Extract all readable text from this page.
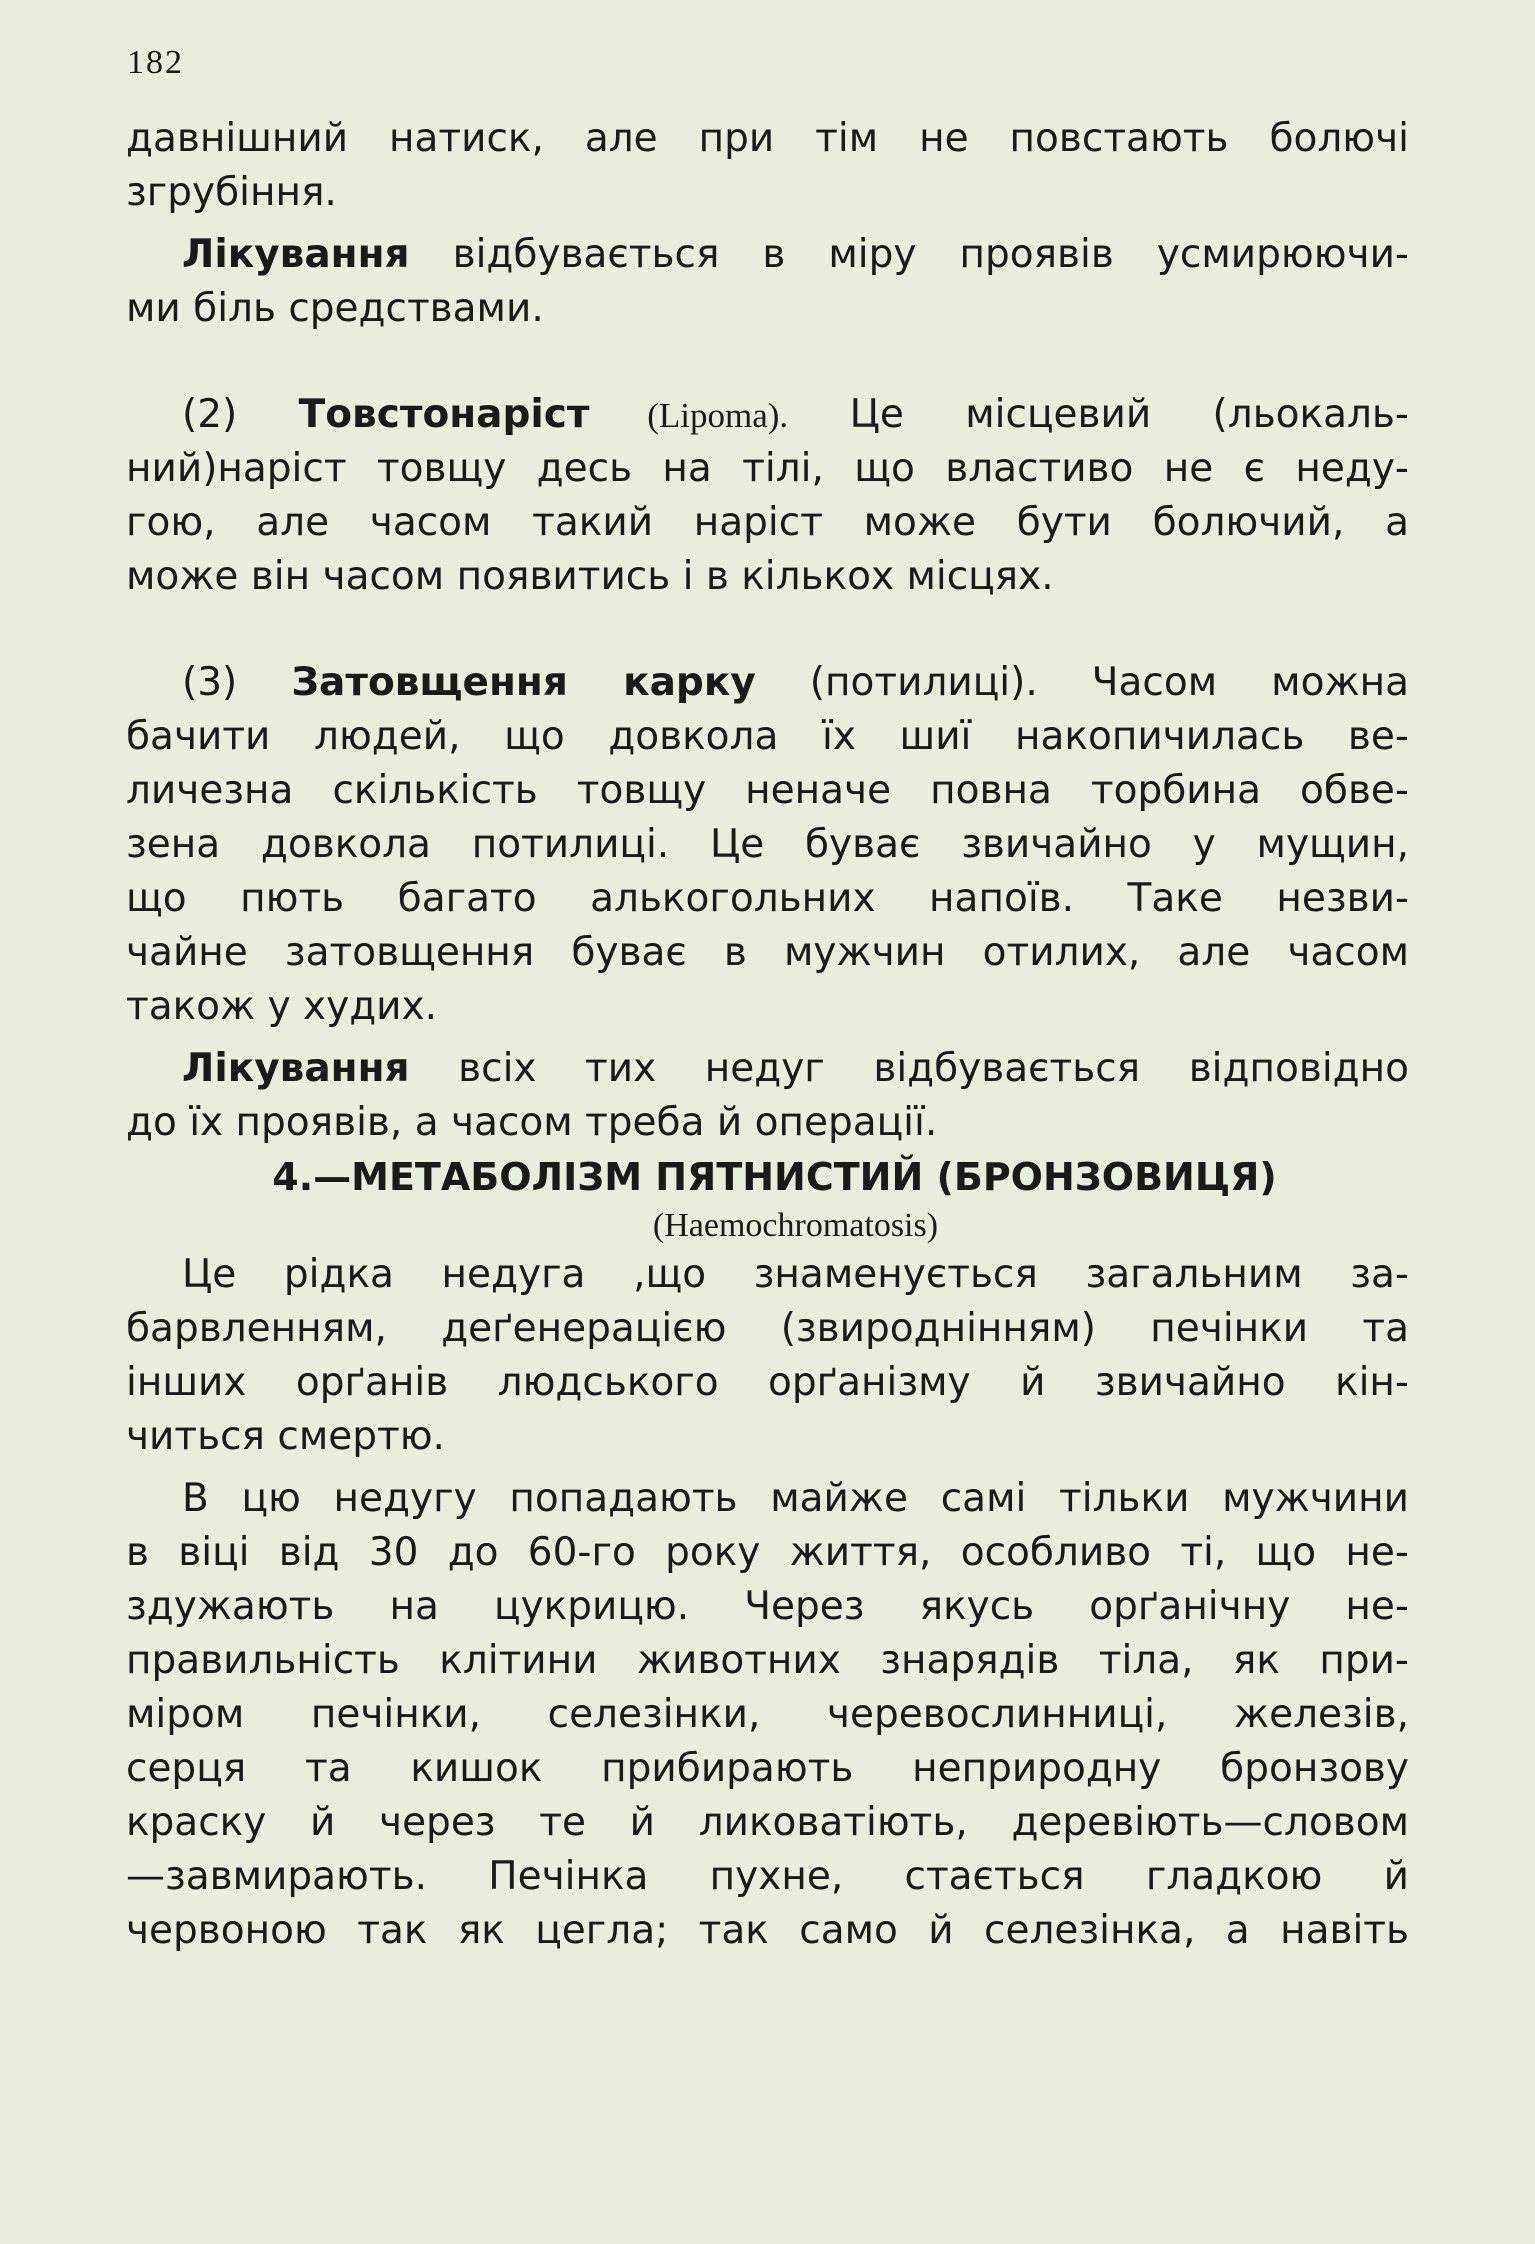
182

давнішний натиск, але при тім не повстають болючі

згрубіння.

Лікування відбувається в міру проявів усмирюючи-

ми біль средствами.

(2) Товстонаріст (Lipoma). Це місцевий (льокаль-

ний)наріст товщу десь на тілі, що властиво не є неду-

гою, але часом такий наріст може бути болючий, а

може він часом появитись і в кількох місцях.

(3) Затовщення карку (потилиці). Часом можна

бачити людей, що довкола їх шиї накопичилась ве-

личезна скількість товщу неначе повна торбина обве-

зена довкола потилиці. Це буває звичайно у мущин,

що пють багато алькогольних напоїв. Таке незви-

чайне затовщення буває в мужчин отилих, але часом

також у худих.

Лікування всіх тих недуг відбувається відповідно

до їх проявів, а часом треба й операції.

4.—МЕТАБОЛІЗМ ПЯТНИСТИЙ (БРОНЗОВИЦЯ)

(Haemochromatosis)

Це рідка недуга ,що знаменується загальним за-

барвленням, деґенерацією (звироднінням) печінки та

інших орґанів людського орґанізму й звичайно кін-

читься смертю.

В цю недугу попадають майже самі тільки мужчини

в віці від 30 до 60-го року життя, особливо ті, що не-

здужають на цукрицю. Через якусь орґанічну не-

правильність клітини животних знарядів тіла, як при-

міром печінки, селезінки, черевослинниці, железів,

серця та кишок прибирають неприродну бронзову

краску й через те й ликоватіють, деревіють—словом

—завмирають. Печінка пухне, стається гладкою й

червоною так як цегла; так само й селезінка, а навіть
